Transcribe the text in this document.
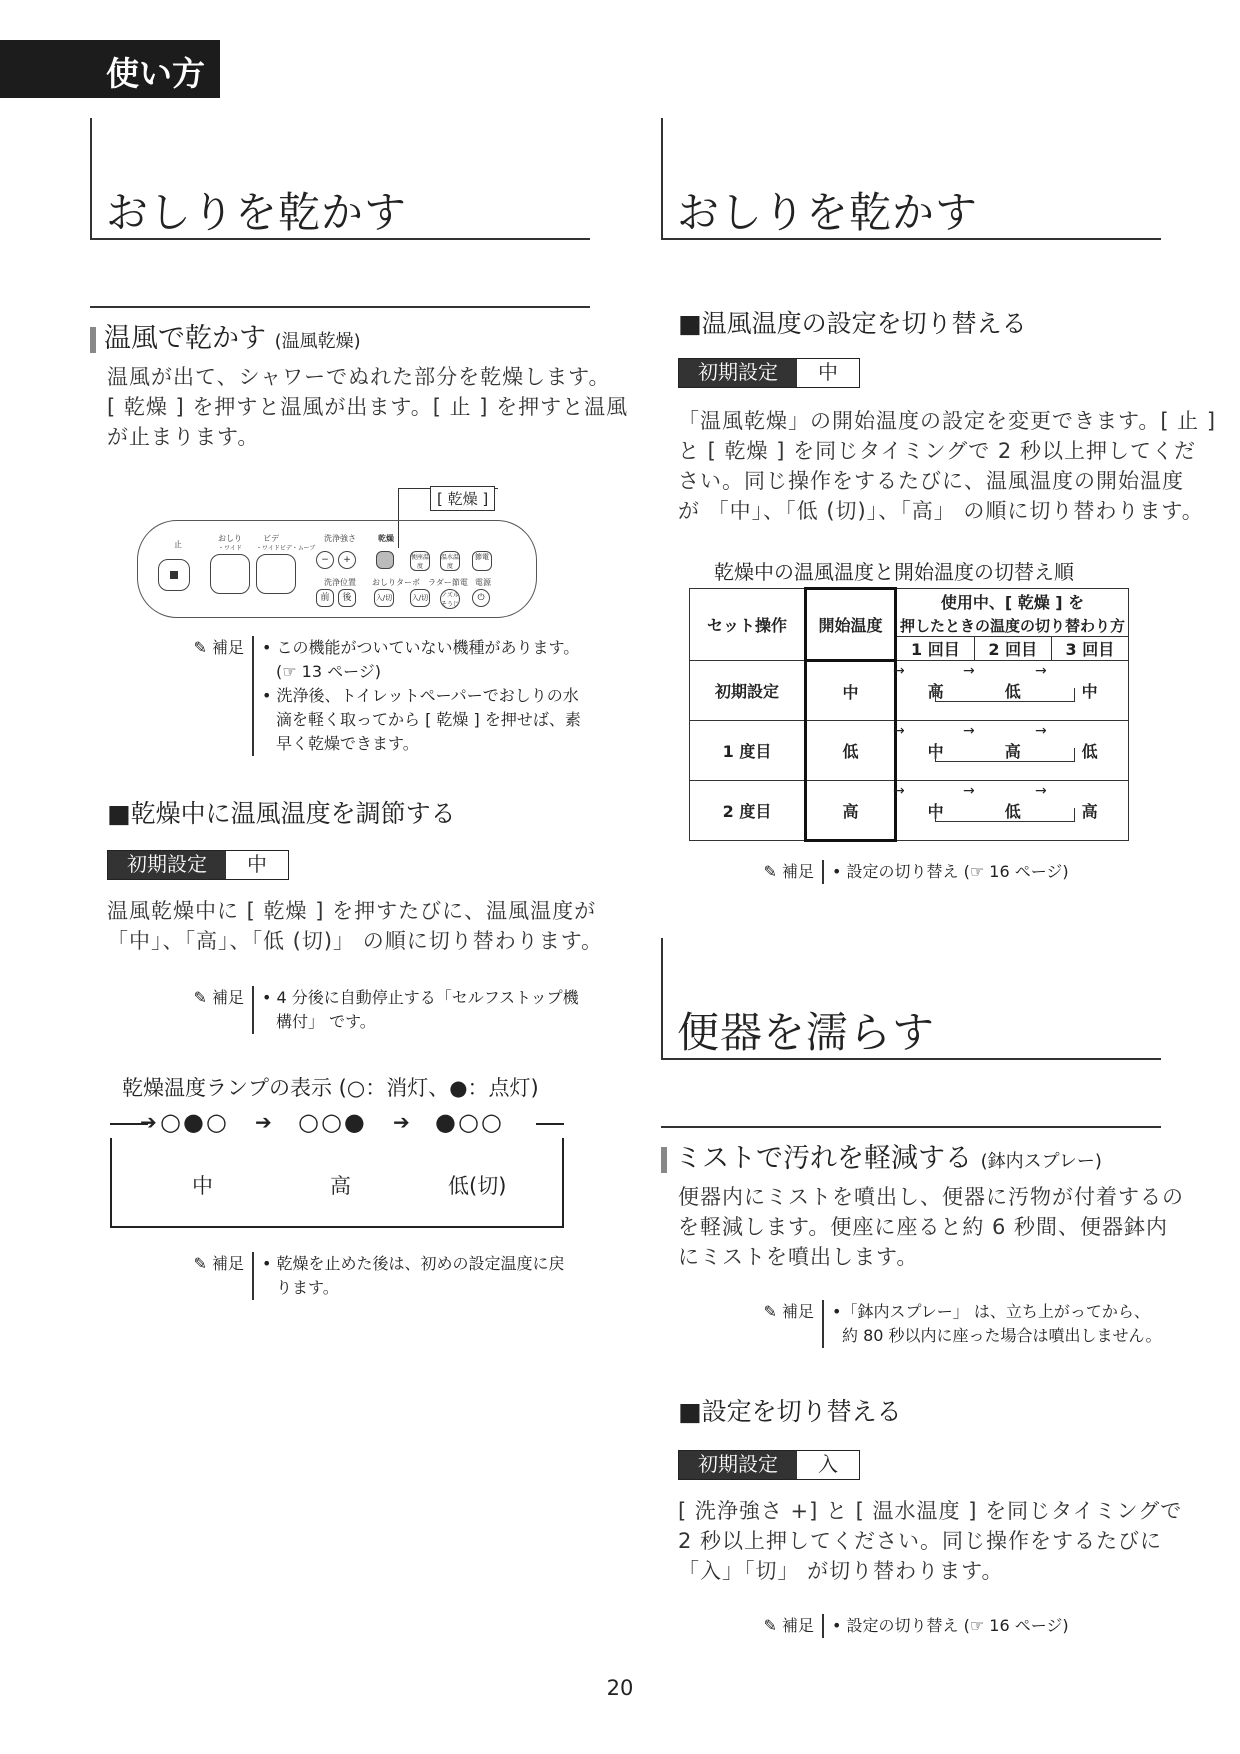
使い方
おしりを乾かす
温風で乾かす (温風乾燥)
温風が出て、シャワーでぬれた部分を乾燥します。
[ 乾燥 ] を押すと温風が出ます。[ 止 ] を押すと温風
が止まります。
[ 乾燥 ]
止
おしり
・ワイド
ビデ
・ワイドビデ・ムーブ
洗浄強さ	乾燥
−	+	便座温度
温水温度
節電
洗浄位置 おしりターボ ラダー節電 電源
前	後	入/切	入/切	ノズル
そうじ
⏻
✎ 補足	• この機能がついていない機種があります。
(☞ 13 ページ)
• 洗浄後、トイレットペーパーでおしりの水
滴を軽く取ってから [ 乾燥 ] を押せば、素
早く乾燥できます。
■乾燥中に温風温度を調節する
初期設定	中
温風乾燥中に [ 乾燥 ] を押すたびに、温風温度が
「中」、「高」、「低 (切)」 の順に切り替わります。
✎ 補足	• 4 分後に自動停止する「セルフストップ機
構付」 です。
乾燥温度ランプの表示 (○：消灯、●：点灯)
➔ ○●○ ➔ ○○● ➔ ●○○
中	高	低(切)
✎ 補足	• 乾燥を止めた後は、初めの設定温度に戻
ります。
おしりを乾かす
■温風温度の設定を切り替える
初期設定	中
「温風乾燥」の開始温度の設定を変更できます。[ 止 ]
と [ 乾燥 ] を同じタイミングで 2 秒以上押してくだ
さい。同じ操作をするたびに、温風温度の開始温度
が 「中」、「低 (切)」、「高」 の順に切り替わります。
乾燥中の温風温度と開始温度の切替え順
セット操作	開始温度	使用中、[ 乾燥 ] を		
		押したときの温度の切り替わり方		
		1 回目	2 回目	3 回目
初期設定	中	高	低	中
1 度目	低	中	高	低
2 度目	高	中	低	高
→	→	→
→	→	→
→	→	→
✎ 補足	• 設定の切り替え (☞ 16 ページ)
便器を濡らす
ミストで汚れを軽減する (鉢内スプレー)
便器内にミストを噴出し、便器に汚物が付着するの
を軽減します。便座に座ると約 6 秒間、便器鉢内
にミストを噴出します。
✎ 補足	•「鉢内スプレー」 は、立ち上がってから、
約 80 秒以内に座った場合は噴出しません。
■設定を切り替える
初期設定	入
[ 洗浄強さ +] と [ 温水温度 ] を同じタイミングで
2 秒以上押してください。同じ操作をするたびに
「入」「切」 が切り替わります。
✎ 補足	• 設定の切り替え (☞ 16 ページ)
20
